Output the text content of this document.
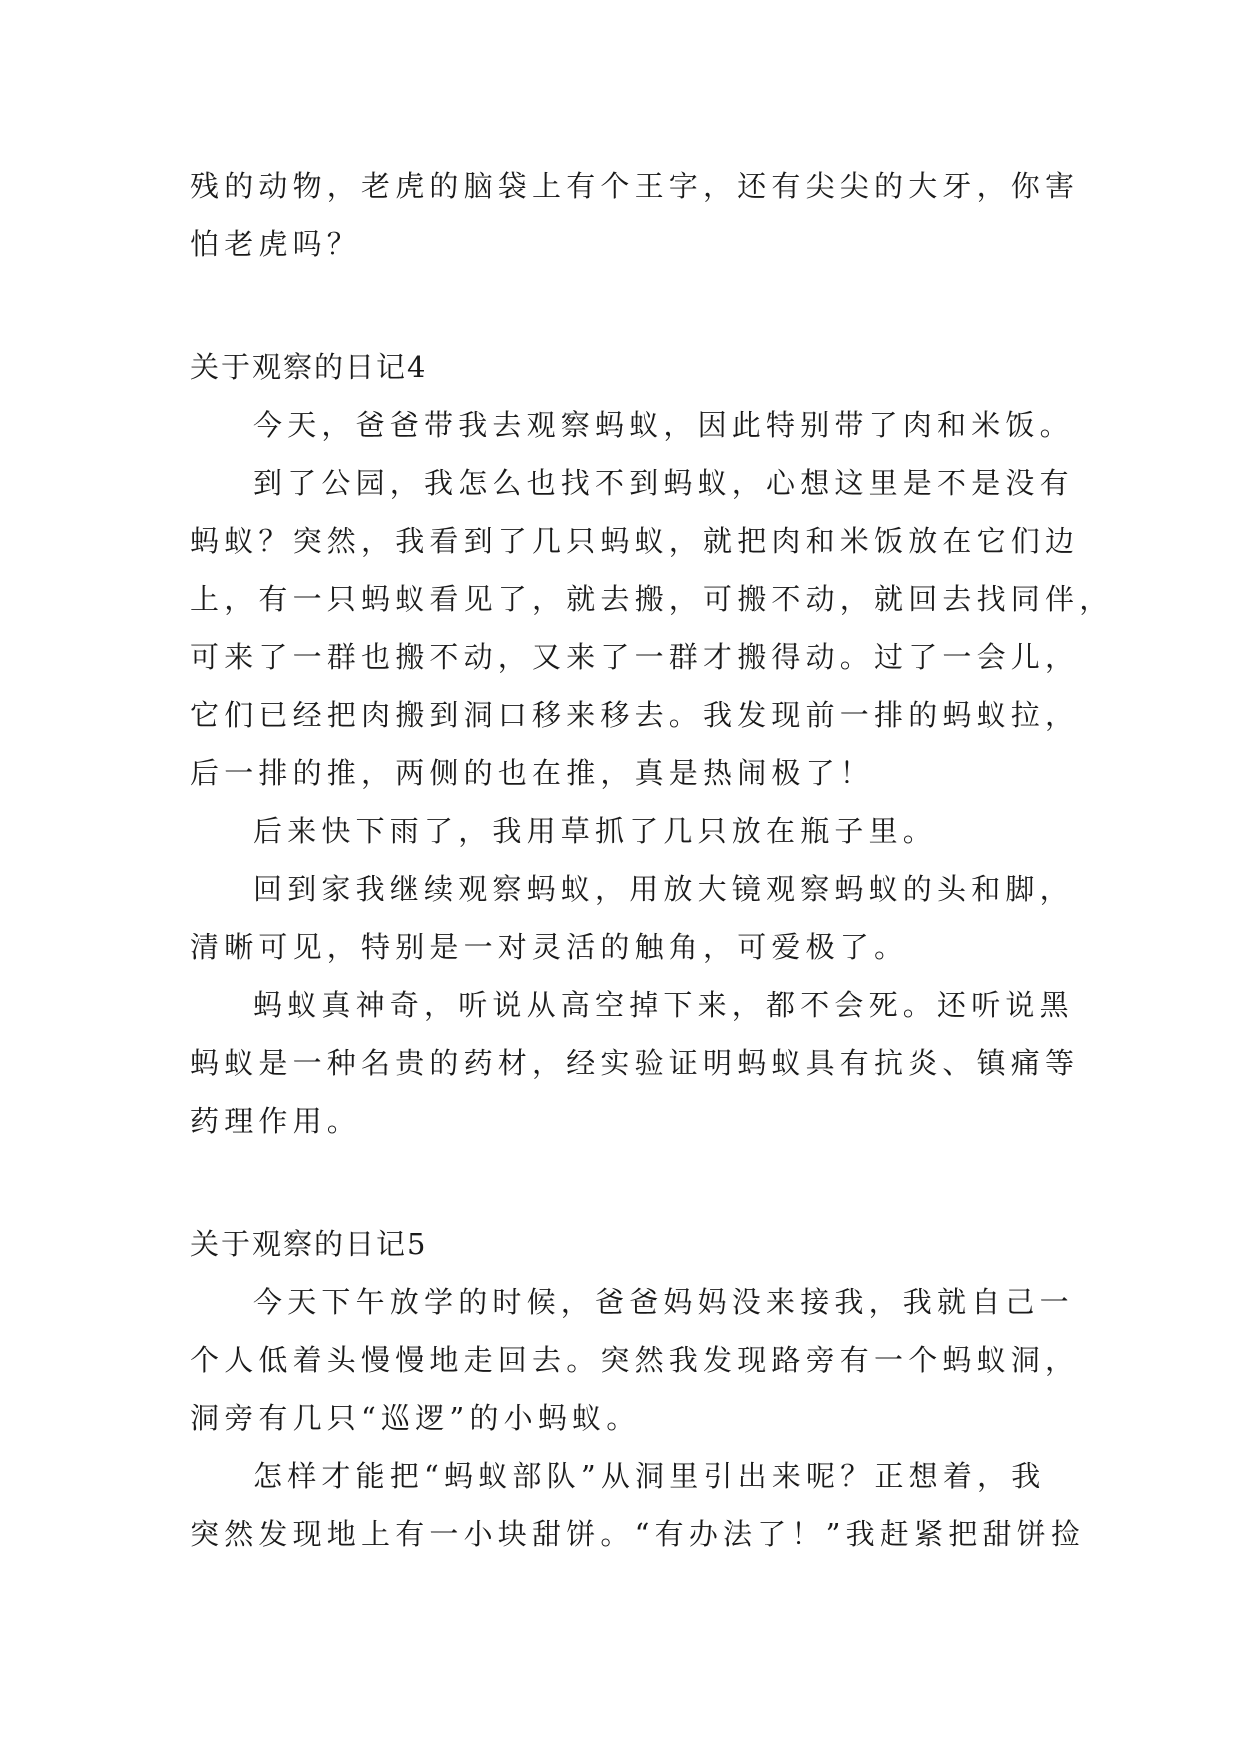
残的动物，老虎的脑袋上有个王字，还有尖尖的大牙，你害
怕老虎吗？
关于观察的日记4
今天，爸爸带我去观察蚂蚁，因此特别带了肉和米饭。
到了公园，我怎么也找不到蚂蚁，心想这里是不是没有
蚂蚁？突然，我看到了几只蚂蚁，就把肉和米饭放在它们边
上，有一只蚂蚁看见了，就去搬，可搬不动，就回去找同伴，
可来了一群也搬不动，又来了一群才搬得动。过了一会儿，
它们已经把肉搬到洞口移来移去。我发现前一排的蚂蚁拉，
后一排的推，两侧的也在推，真是热闹极了！
后来快下雨了，我用草抓了几只放在瓶子里。
回到家我继续观察蚂蚁，用放大镜观察蚂蚁的头和脚，
清晰可见，特别是一对灵活的触角，可爱极了。
蚂蚁真神奇，听说从高空掉下来，都不会死。还听说黑
蚂蚁是一种名贵的药材，经实验证明蚂蚁具有抗炎、镇痛等
药理作用。
关于观察的日记5
今天下午放学的时候，爸爸妈妈没来接我，我就自己一
个人低着头慢慢地走回去。突然我发现路旁有一个蚂蚁洞，
洞旁有几只“巡逻”的小蚂蚁。
怎样才能把“蚂蚁部队”从洞里引出来呢？正想着，我
突然发现地上有一小块甜饼。“有办法了！”我赶紧把甜饼捡
